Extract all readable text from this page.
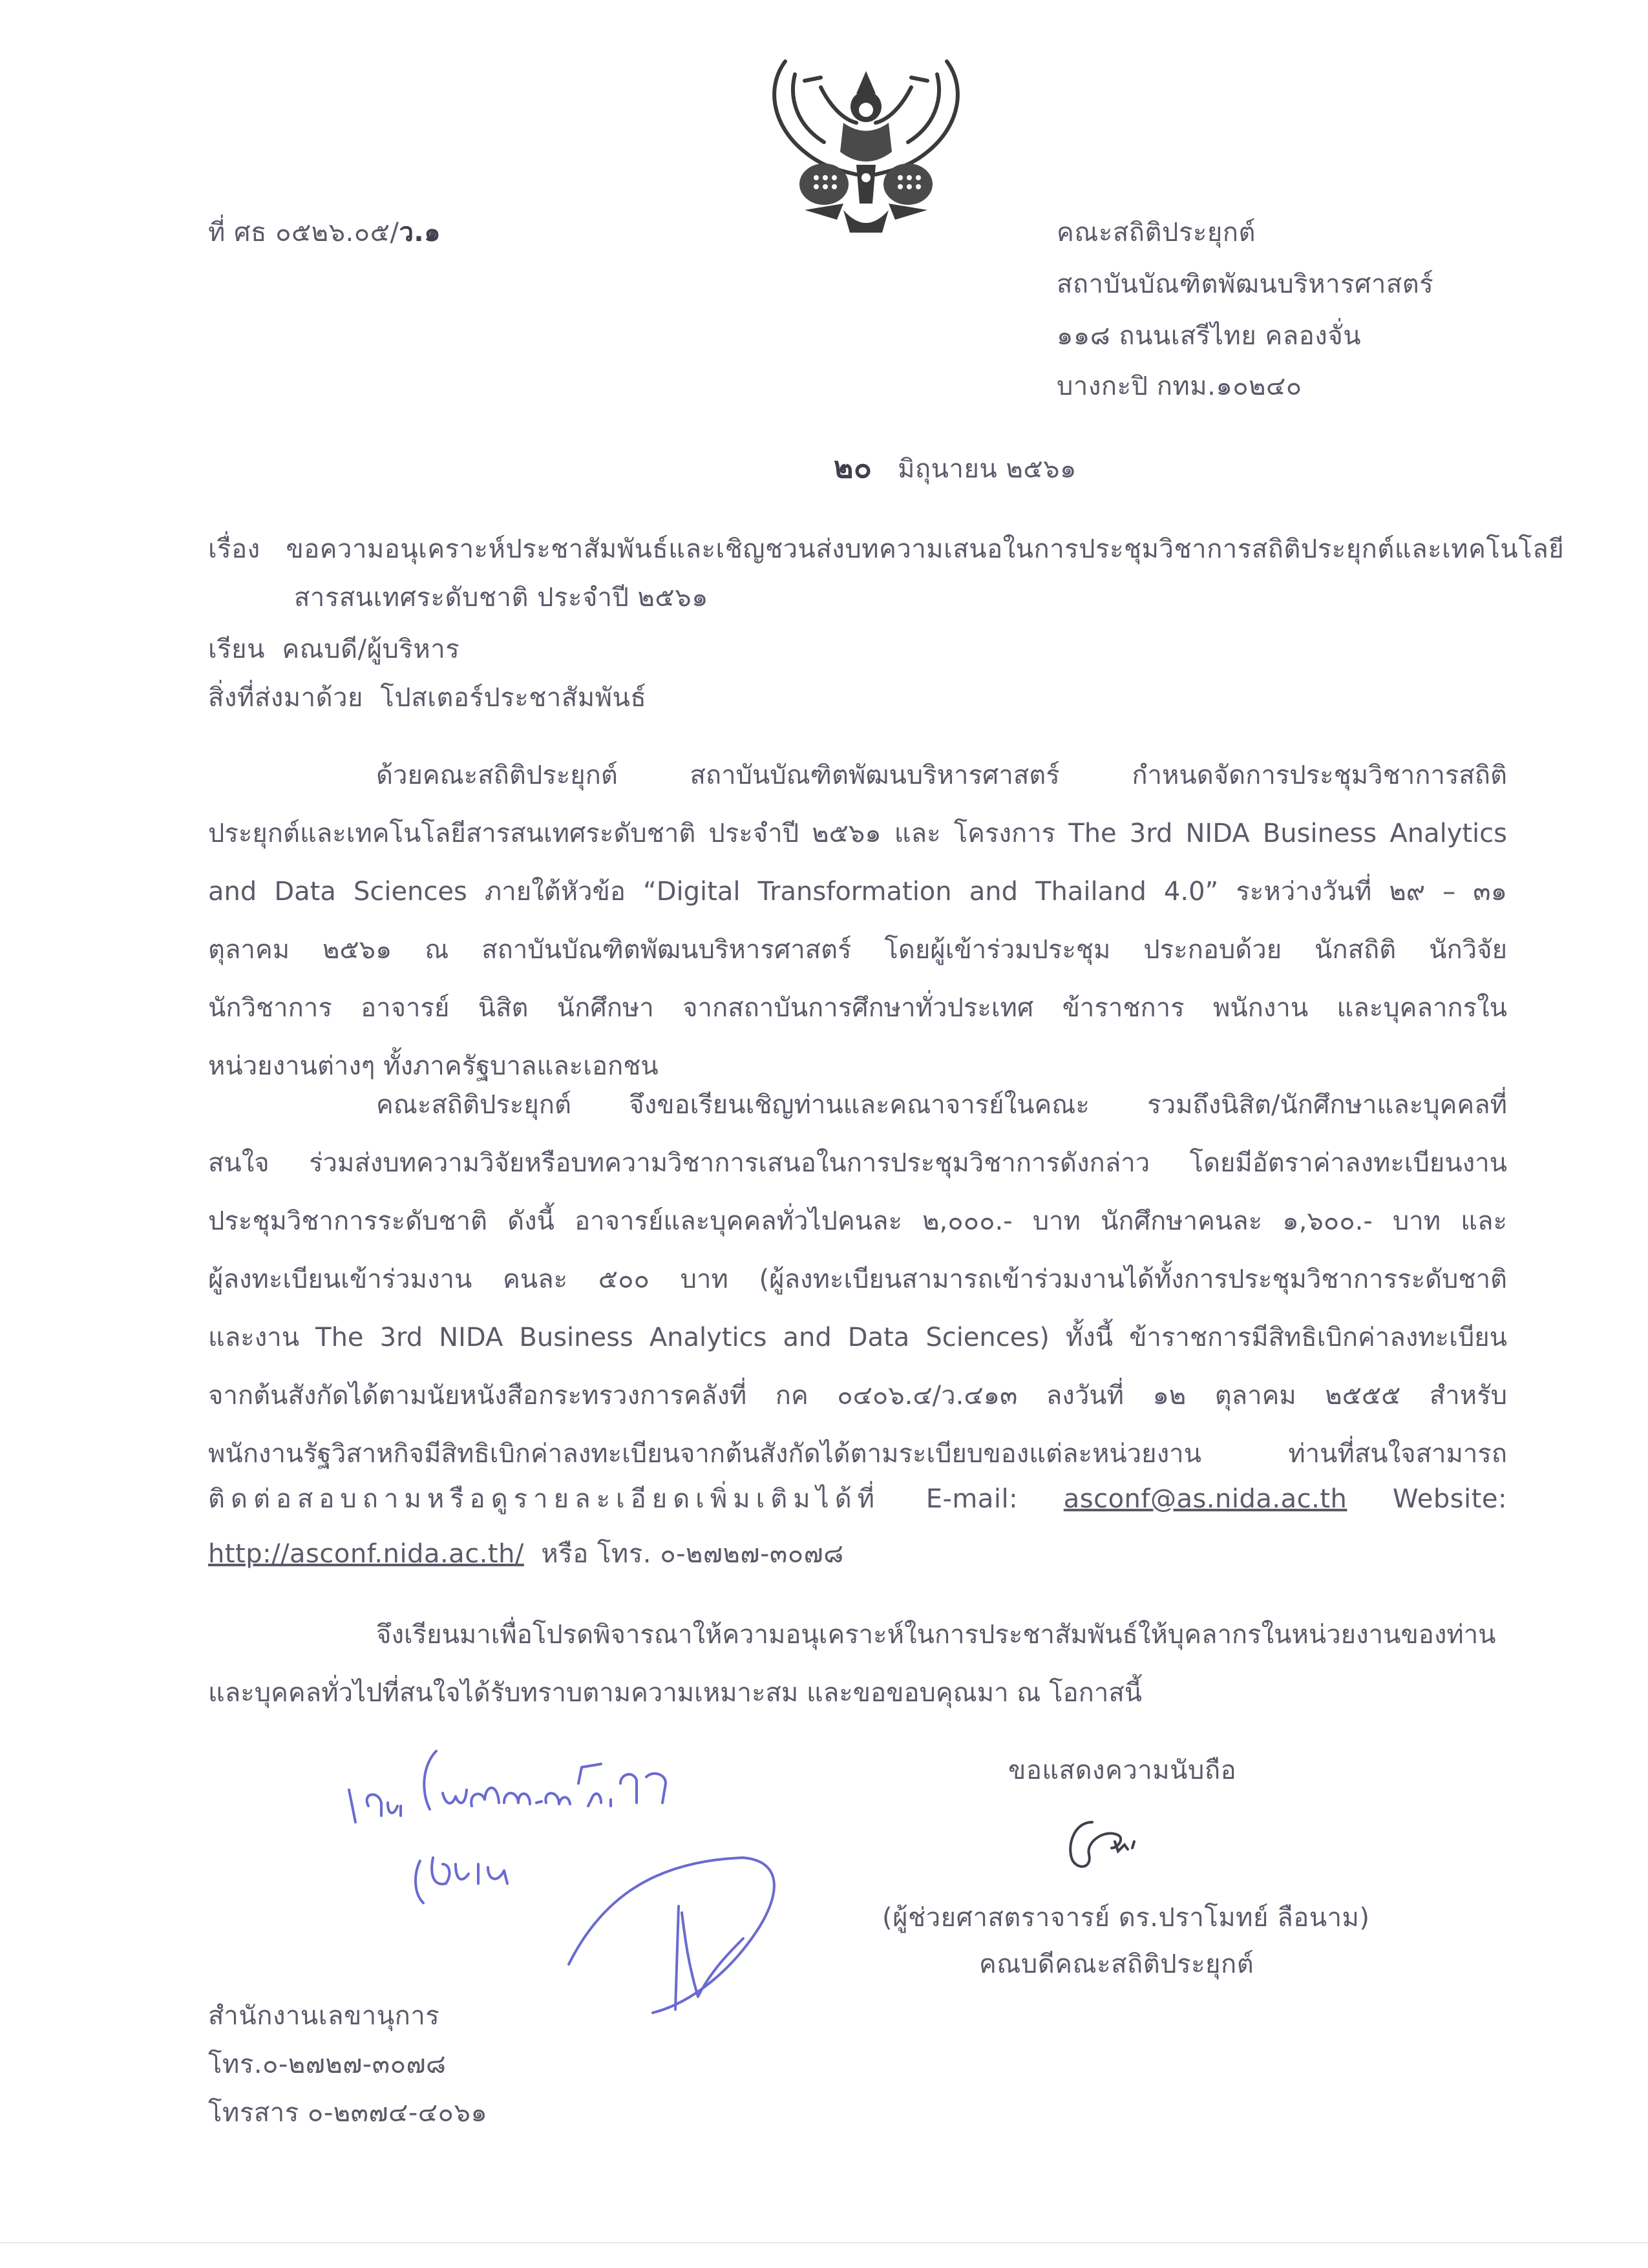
ที่ ศธ ๐๕๒๖.๐๕/ว.๑	คณะสถิติประยุกต์
สถาบันบัณฑิตพัฒนบริหารศาสตร์
๑๑๘ ถนนเสรีไทย คลองจั่น
บางกะปิ กทม.๑๐๒๔๐
๒๐ มิถุนายน ๒๕๖๑
เรื่อง ขอความอนุเคราะห์ประชาสัมพันธ์และเชิญชวนส่งบทความเสนอในการประชุมวิชาการสถิติประยุกต์และเทคโนโลยี
สารสนเทศระดับชาติ ประจำปี ๒๕๖๑
เรียน คณบดี/ผู้บริหาร
สิ่งที่ส่งมาด้วย โปสเตอร์ประชาสัมพันธ์
ด้วยคณะสถิติประยุกต์ สถาบันบัณฑิตพัฒนบริหารศาสตร์ กำหนดจัดการประชุมวิชาการสถิติ
ประยุกต์และเทคโนโลยีสารสนเทศระดับชาติ ประจำปี ๒๕๖๑ และ โครงการ The 3rd NIDA Business Analytics
and Data Sciences ภายใต้หัวข้อ “Digital Transformation and Thailand 4.0” ระหว่างวันที่ ๒๙ – ๓๑
ตุลาคม ๒๕๖๑ ณ สถาบันบัณฑิตพัฒนบริหารศาสตร์ โดยผู้เข้าร่วมประชุม ประกอบด้วย นักสถิติ นักวิจัย
นักวิชาการ อาจารย์ นิสิต นักศึกษา จากสถาบันการศึกษาทั่วประเทศ ข้าราชการ พนักงาน และบุคลากรใน
หน่วยงานต่างๆ ทั้งภาครัฐบาลและเอกชน
คณะสถิติประยุกต์ จึงขอเรียนเชิญท่านและคณาจารย์ในคณะ รวมถึงนิสิต/นักศึกษาและบุคคลที่
สนใจ ร่วมส่งบทความวิจัยหรือบทความวิชาการเสนอในการประชุมวิชาการดังกล่าว โดยมีอัตราค่าลงทะเบียนงาน
ประชุมวิชาการระดับชาติ ดังนี้ อาจารย์และบุคคลทั่วไปคนละ ๒,๐๐๐.- บาท นักศึกษาคนละ ๑,๖๐๐.- บาท และ
ผู้ลงทะเบียนเข้าร่วมงาน คนละ ๕๐๐ บาท (ผู้ลงทะเบียนสามารถเข้าร่วมงานได้ทั้งการประชุมวิชาการระดับชาติ
และงาน The 3rd NIDA Business Analytics and Data Sciences) ทั้งนี้ ข้าราชการมีสิทธิเบิกค่าลงทะเบียน
จากต้นสังกัดได้ตามนัยหนังสือกระทรวงการคลังที่ กค ๐๔๐๖.๔/ว.๔๑๓ ลงวันที่ ๑๒ ตุลาคม ๒๕๕๕ สำหรับ
พนักงานรัฐวิสาหกิจมีสิทธิเบิกค่าลงทะเบียนจากต้นสังกัดได้ตามระเบียบของแต่ละหน่วยงาน ท่านที่สนใจสามารถ
ติดต่อสอบถามหรือดูรายละเอียดเพิ่มเติมได้ที่ E-mail: asconf@as.nida.ac.th Website:
http://asconf.nida.ac.th/ หรือ โทร. ๐-๒๗๒๗-๓๐๗๘
จึงเรียนมาเพื่อโปรดพิจารณาให้ความอนุเคราะห์ในการประชาสัมพันธ์ให้บุคลากรในหน่วยงานของท่าน
และบุคคลทั่วไปที่สนใจได้รับทราบตามความเหมาะสม และขอขอบคุณมา ณ โอกาสนี้
ขอแสดงความนับถือ
(ผู้ช่วยศาสตราจารย์ ดร.ปราโมทย์ ลือนาม)
คณบดีคณะสถิติประยุกต์
สำนักงานเลขานุการ
โทร.๐-๒๗๒๗-๓๐๗๘
โทรสาร ๐-๒๓๗๔-๔๐๖๑
